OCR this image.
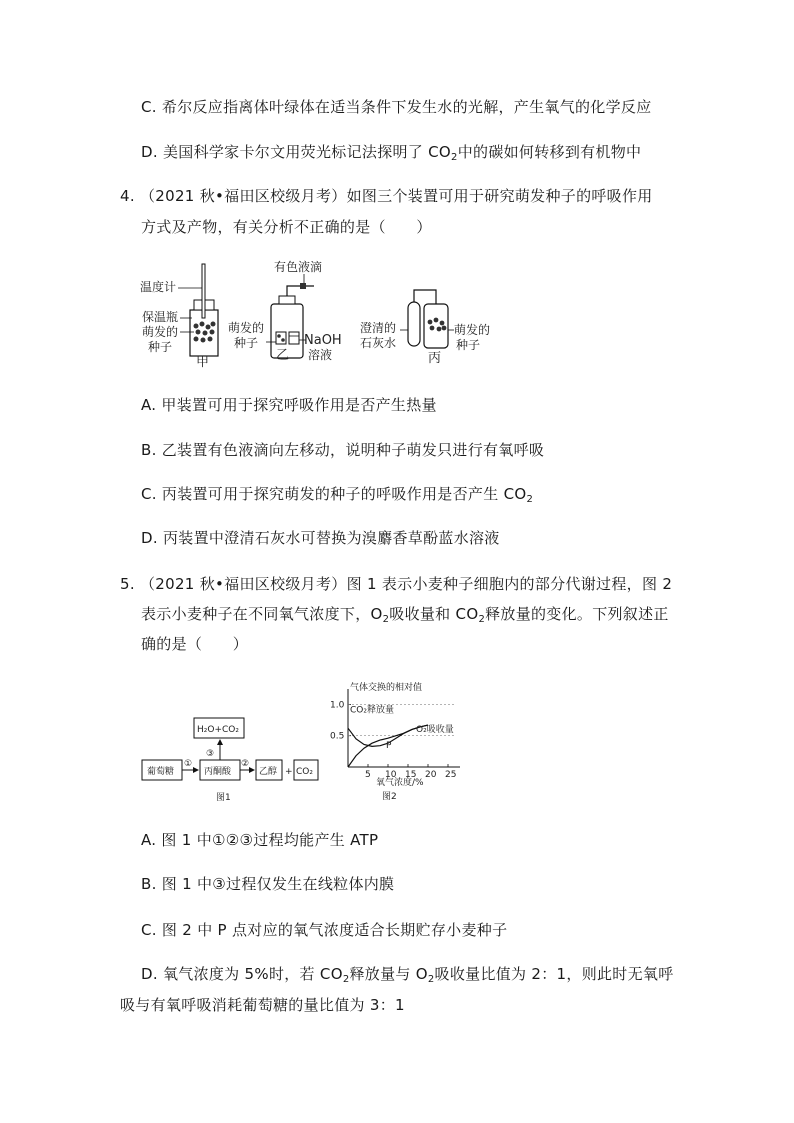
C. 希尔反应指离体叶绿体在适当条件下发生水的光解，产生氧气的化学反应
D. 美国科学家卡尔文用荧光标记法探明了 $CO_2$中的碳如何转移到有机物中
4. （2021 秋•福田区校级月考）如图三个装置可用于研究萌发种子的呼吸作用
方式及产物，有关分析不正确的是（　　）
温度计
保温瓶
萌发的
种子
甲
有色液滴
萌发的
种子	NaOH
溶液
乙
澄清的
石灰水
萌发的
种子
丙
A. 甲装置可用于探究呼吸作用是否产生热量
B. 乙装置有色液滴向左移动，说明种子萌发只进行有氧呼吸
C. 丙装置可用于探究萌发的种子的呼吸作用是否产生 $CO_2$
D. 丙装置中澄清石灰水可替换为溴麝香草酚蓝水溶液
5. （2021 秋•福田区校级月考）图 1 表示小麦种子细胞内的部分代谢过程，图 2
表示小麦种子在不同氧气浓度下，$O_2$吸收量和 $CO_2$释放量的变化。下列叙述正
确的是（　　）
葡萄糖
①
丙酮酸
②
乙醇 + CO₂
③
H₂O+CO₂
图1
气体交换的相对值
氧气浓度/%
图2
5 10 15 20 25
1.0
0.5
CO₂释放量
O₂吸收量
P
A. 图 1 中①②③过程均能产生 ATP
B. 图 1 中③过程仅发生在线粒体内膜
C. 图 2 中 P 点对应的氧气浓度适合长期贮存小麦种子
D. 氧气浓度为 5%时，若 $CO_2$释放量与 $O_2$吸收量比值为 2：1，则此时无氧呼
吸与有氧呼吸消耗葡萄糖的量比值为 3：1
